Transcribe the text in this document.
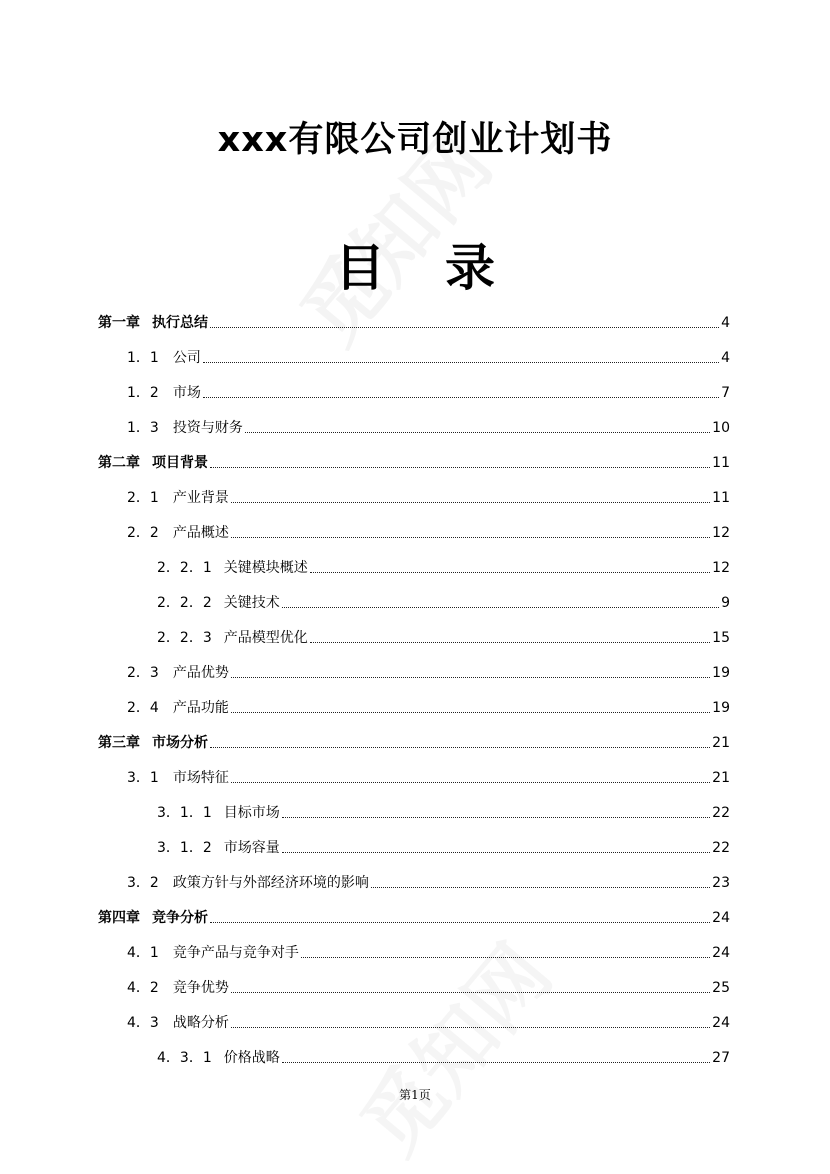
xxx有限公司创业计划书
目录
第一章 执行总结	4
1．1 公司	4
1．2 市场	7
1．3 投资与财务	10
第二章 项目背景	11
2．1 产业背景	11
2．2 产品概述	12
2．2．1 关键模块概述	12
2．2．2 关键技术	9
2．2．3 产品模型优化	15
2．3 产品优势	19
2．4 产品功能	19
第三章 市场分析	21
3．1 市场特征	21
3．1．1 目标市场	22
3．1．2 市场容量	22
3．2 政策方针与外部经济环境的影响	23
第四章 竞争分析	24
4．1 竞争产品与竞争对手	24
4．2 竞争优势	25
4．3 战略分析	24
4．3．1 价格战略	27
第1页
